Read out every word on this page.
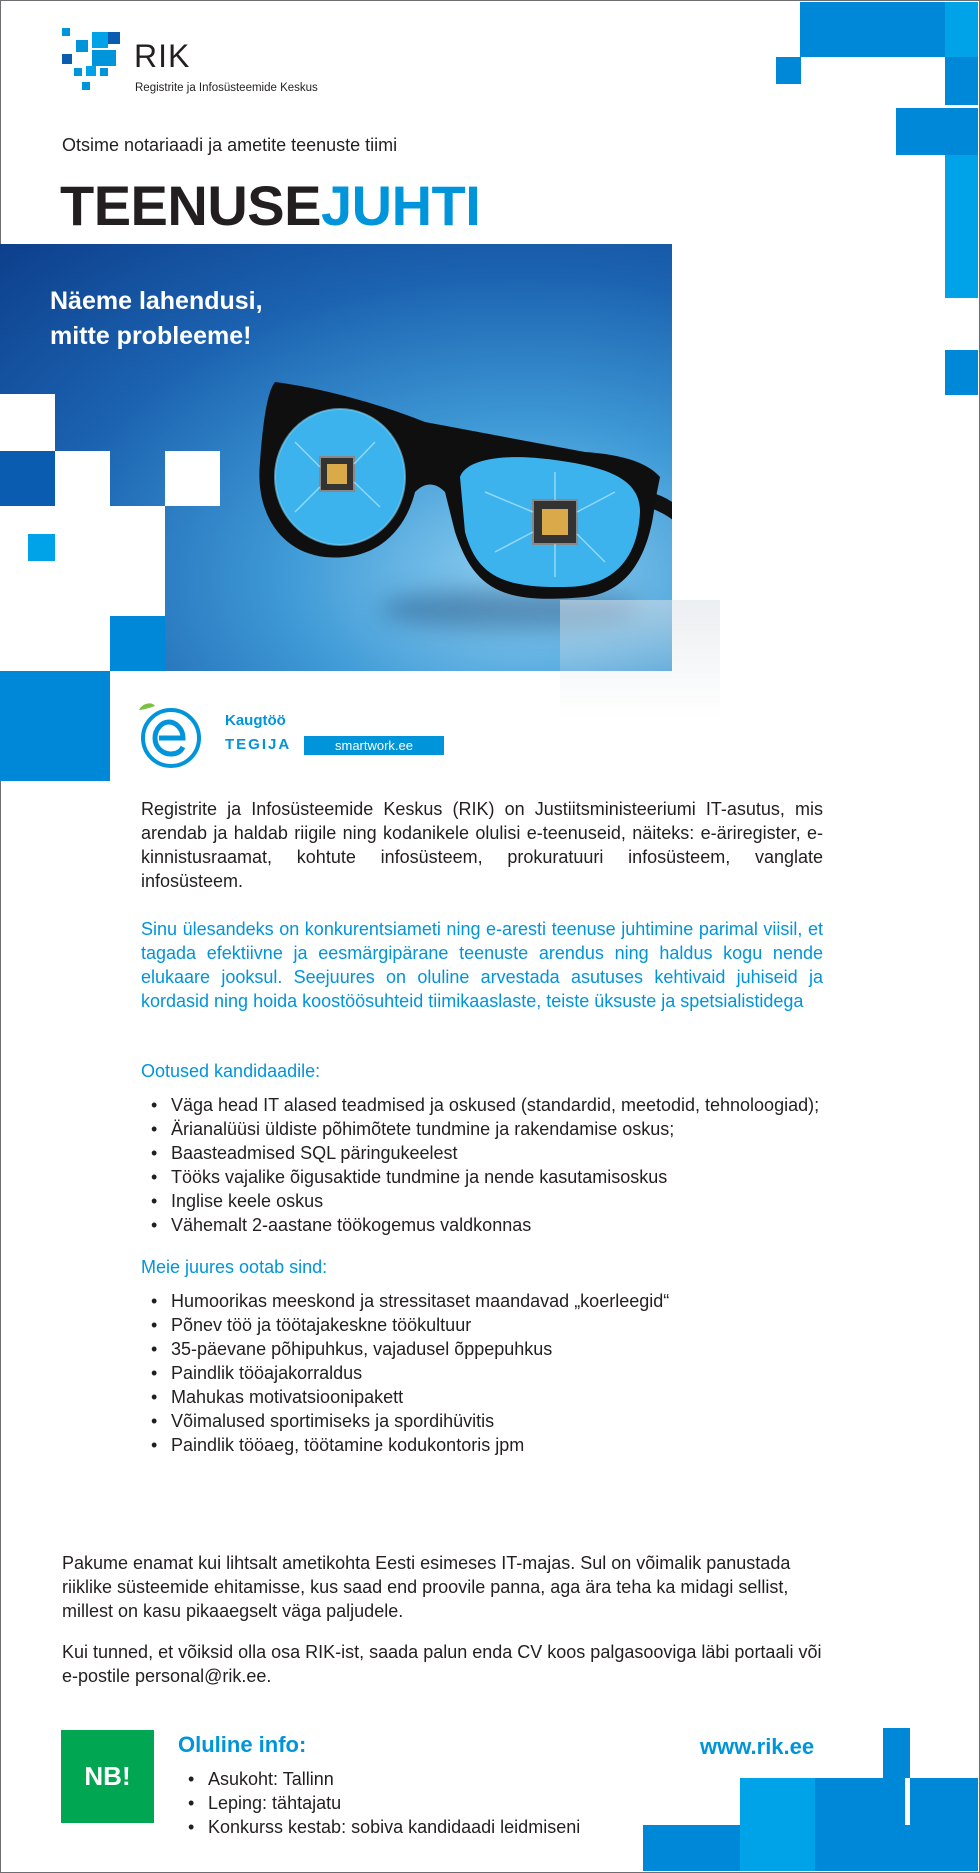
RIK
Registrite ja Infosüsteemide Keskus
Otsime notariaadi ja ametite teenuste tiimi
TEENUSEJUHTI
Näeme lahendusi,
mitte probleeme!
Kaugtöö
TEGIJA	smartwork.ee

Registrite ja Infosüsteemide Keskus (RIK) on Justiitsministeeriumi IT-asutus, mis arendab ja haldab riigile ning kodanikele olulisi e-teenuseid, näiteks: e-äriregister, e-kinnistusraamat, kohtute infosüsteem, prokuratuuri infosüsteem, vanglate infosüsteem.

Sinu ülesandeks on konkurentsiameti ning e-aresti teenuse juhtimine parimal viisil, et tagada efektiivne ja eesmärgipärane teenuste arendus ning haldus kogu nende elukaare jooksul. Seejuures on oluline arvestada asutuses kehtivaid juhiseid ja kordasid ning hoida koostöösuhteid tiimikaaslaste, teiste üksuste ja spetsialistidega

Ootused kandidaadile:

• Väga head IT alased teadmised ja oskused (standardid, meetodid, tehnoloogiad);
• Ärianalüüsi üldiste põhimõtete tundmine ja rakendamise oskus;
• Baasteadmised SQL päringukeelest
• Tööks vajalike õigusaktide tundmine ja nende kasutamisoskus
• Inglise keele oskus
• Vähemalt 2-aastane töökogemus valdkonnas

Meie juures ootab sind:

• Humoorikas meeskond ja stressitaset maandavad „koerleegid“
• Põnev töö ja töötajakeskne töökultuur
• 35-päevane põhipuhkus, vajadusel õppepuhkus
• Paindlik tööajakorraldus
• Mahukas motivatsioonipakett
• Võimalused sportimiseks ja spordihüvitis
• Paindlik tööaeg, töötamine kodukontoris jpm

Pakume enamat kui lihtsalt ametikohta Eesti esimeses IT-majas. Sul on võimalik panustada riiklike süsteemide ehitamisse, kus saad end proovile panna, aga ära teha ka midagi sellist, millest on kasu pikaaegselt väga paljudele.

Kui tunned, et võiksid olla osa RIK-ist, saada palun enda CV koos palgasooviga läbi portaali või e-postile personal@rik.ee.

NB!
Oluline info:
• Asukoht: Tallinn
• Leping: tähtajatu
• Konkurss kestab: sobiva kandidaadi leidmiseni
www.rik.ee
